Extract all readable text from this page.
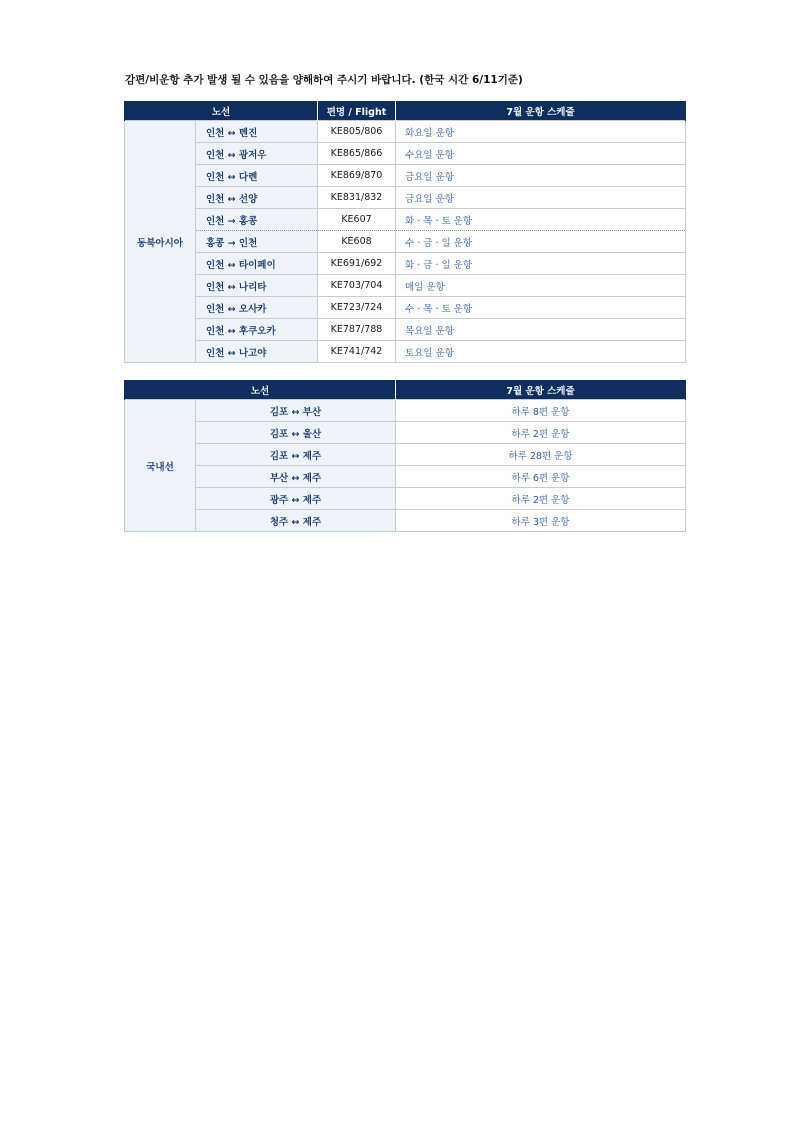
감편/비운항 추가 발생 될 수 있음을 양해하여 주시기 바랍니다. (한국 시간 6/11기준)
노선		편명 / Flight	7월 운항 스케줄
동북아시아	인천 ↔ 톈진	KE805/806	화요일 운항
	인천 ↔ 광저우	KE865/866	수요일 운항
	인천 ↔ 다롄	KE869/870	금요일 운항
	인천 ↔ 선양	KE831/832	금요일 운항
	인천 → 홍콩	KE607	화 · 목 · 토 운항
	홍콩 → 인천	KE608	수 · 금 · 일 운항
	인천 ↔ 타이페이	KE691/692	화 · 금 · 일 운항
	인천 ↔ 나리타	KE703/704	매일 운항
	인천 ↔ 오사카	KE723/724	수 · 목 · 토 운항
	인천 ↔ 후쿠오카	KE787/788	목요일 운항
	인천 ↔ 나고야	KE741/742	토요일 운항
노선		7월 운항 스케줄
국내선	김포 ↔ 부산	하루 8편 운항
	김포 ↔ 울산	하루 2편 운항
	김포 ↔ 제주	하루 28편 운항
	부산 ↔ 제주	하루 6편 운항
	광주 ↔ 제주	하루 2편 운항
	청주 ↔ 제주	하루 3편 운항
